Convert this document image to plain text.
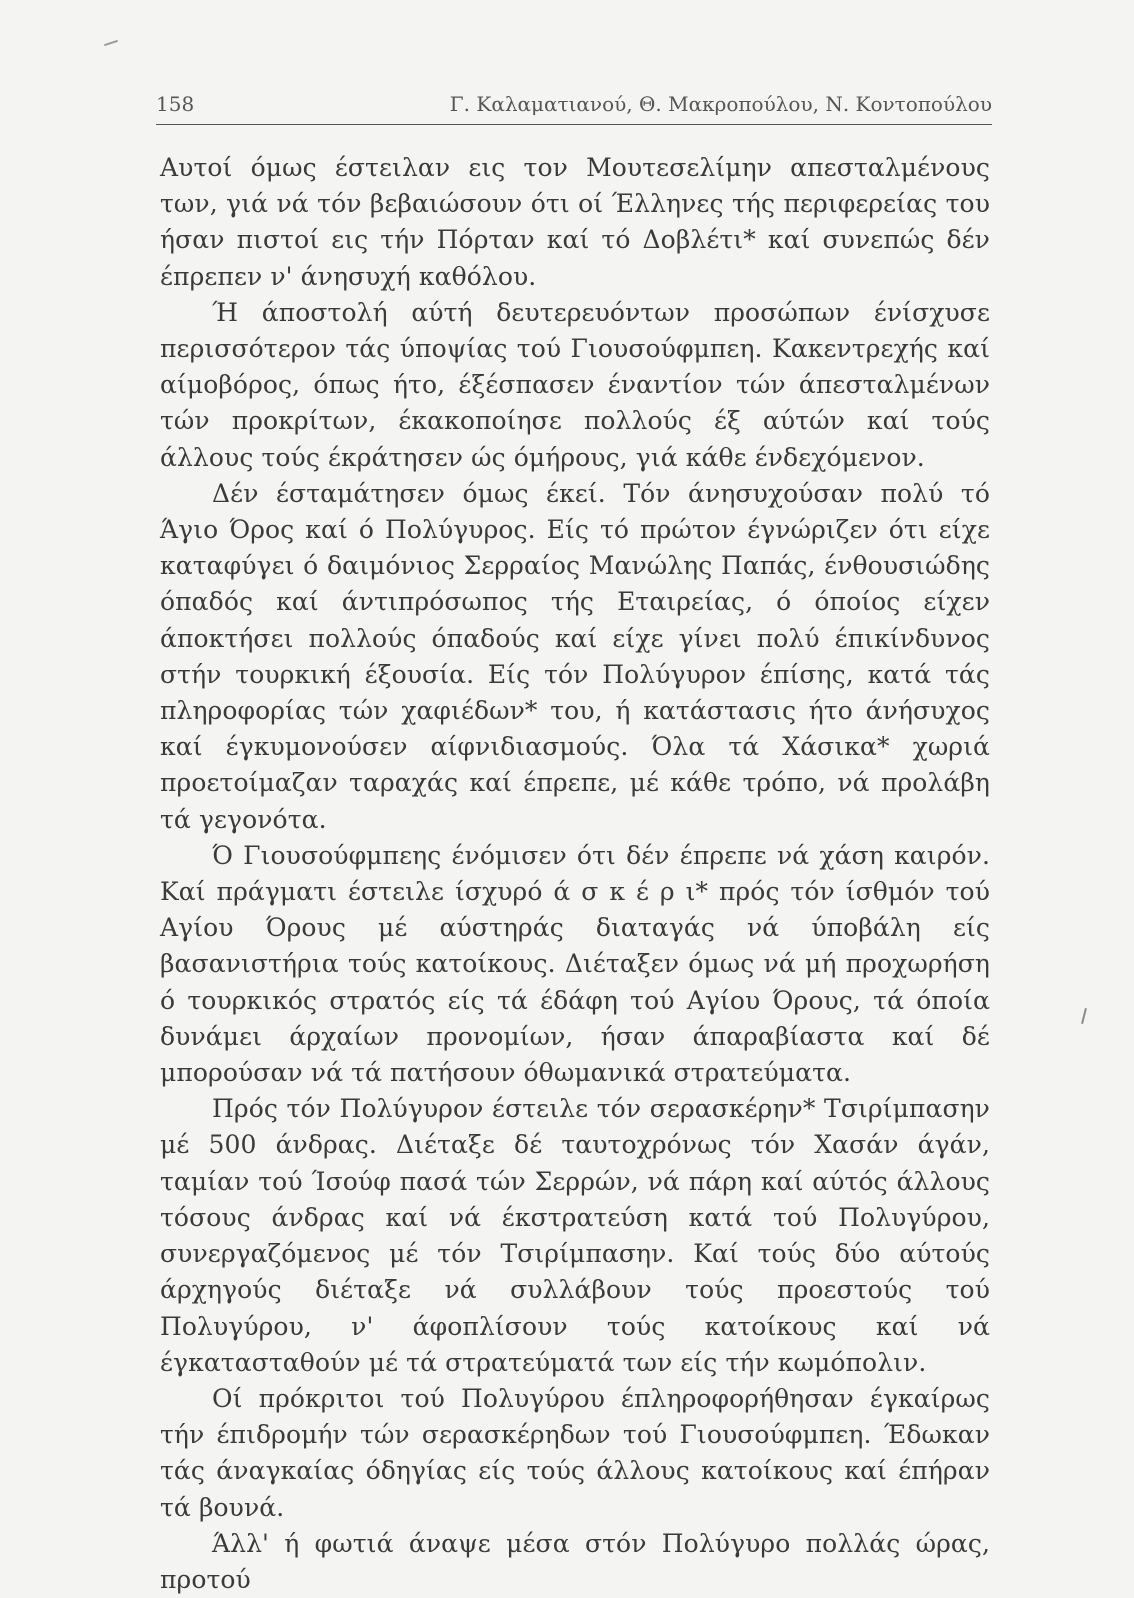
158	Γ. Καλαματιανού, Θ. Μακροπούλου, Ν. Κοντοπούλου

Αυτοί όμως έστειλαν εις τον Μουτεσελίμην απεσταλμένους των, γιά νά τόν βεβαιώσουν ότι οί Έλληνες τής περιφερείας του ήσαν πιστοί εις τήν Πόρταν καί τό Δοβλέτι* καί συνεπώς δέν έπρεπεν ν' άνησυχή καθόλου.

Ή άποστολή αύτή δευτερευόντων προσώπων ένίσχυσε περισσότερον τάς ύποψίας τού Γιουσούφμπεη. Κακεντρεχής καί αίμοβόρος, όπως ήτο, έξέσπασεν έναντίον τών άπεσταλμένων τών προκρίτων, έκακοποίησε πολλούς έξ αύτών καί τούς άλλους τούς έκράτησεν ώς όμήρους, γιά κάθε ένδεχόμενον.

Δέν έσταμάτησεν όμως έκεί. Τόν άνησυχούσαν πολύ τό Άγιο Όρος καί ό Πολύγυρος. Είς τό πρώτον έγνώριζεν ότι είχε καταφύγει ό δαιμόνιος Σερραίος Μανώλης Παπάς, ένθουσιώδης όπαδός καί άντιπρόσωπος τής Εταιρείας, ό όποίος είχεν άποκτήσει πολλούς όπαδούς καί είχε γίνει πολύ έπικίνδυνος στήν τουρκική έξουσία. Είς τόν Πολύγυρον έπίσης, κατά τάς πληροφορίας τών χαφιέδων* του, ή κατάστασις ήτο άνήσυχος καί έγκυμονούσεν αίφνιδιασμούς. Όλα τά Χάσικα* χωριά προετοίμαζαν ταραχάς καί έπρεπε, μέ κάθε τρόπο, νά προλάβη τά γεγονότα.

Ό Γιουσούφμπεης ένόμισεν ότι δέν έπρεπε νά χάση καιρόν. Καί πράγματι έστειλε ίσχυρό ά σ κ έ ρ ι* πρός τόν ίσθμόν τού Αγίου Όρους μέ αύστηράς διαταγάς νά ύποβάλη είς βασανιστήρια τούς κατοίκους. Διέταξεν όμως νά μή προχωρήση ό τουρκικός στρατός είς τά έδάφη τού Αγίου Όρους, τά όποία δυνάμει άρχαίων προνομίων, ήσαν άπαραβίαστα καί δέ μπορούσαν νά τά πατήσουν όθωμανικά στρατεύματα.

Πρός τόν Πολύγυρον έστειλε τόν σερασκέρην* Τσιρίμπασην μέ 500 άνδρας. Διέταξε δέ ταυτοχρόνως τόν Χασάν άγάν, ταμίαν τού Ίσούφ πασά τών Σερρών, νά πάρη καί αύτός άλλους τόσους άνδρας καί νά έκστρατεύση κατά τού Πολυγύρου, συνεργαζόμενος μέ τόν Τσιρίμπασην. Καί τούς δύο αύτούς άρχηγούς διέταξε νά συλλάβουν τούς προεστούς τού Πολυγύρου, ν' άφοπλίσουν τούς κατοίκους καί νά έγκατασταθούν μέ τά στρατεύματά των είς τήν κωμόπολιν.

Οί πρόκριτοι τού Πολυγύρου έπληροφορήθησαν έγκαίρως τήν έπιδρομήν τών σερασκέρηδων τού Γιουσούφμπεη. Έδωκαν τάς άναγκαίας όδηγίας είς τούς άλλους κατοίκους καί έπήραν τά βουνά.

Άλλ' ή φωτιά άναψε μέσα στόν Πολύγυρο πολλάς ώρας, προτού
